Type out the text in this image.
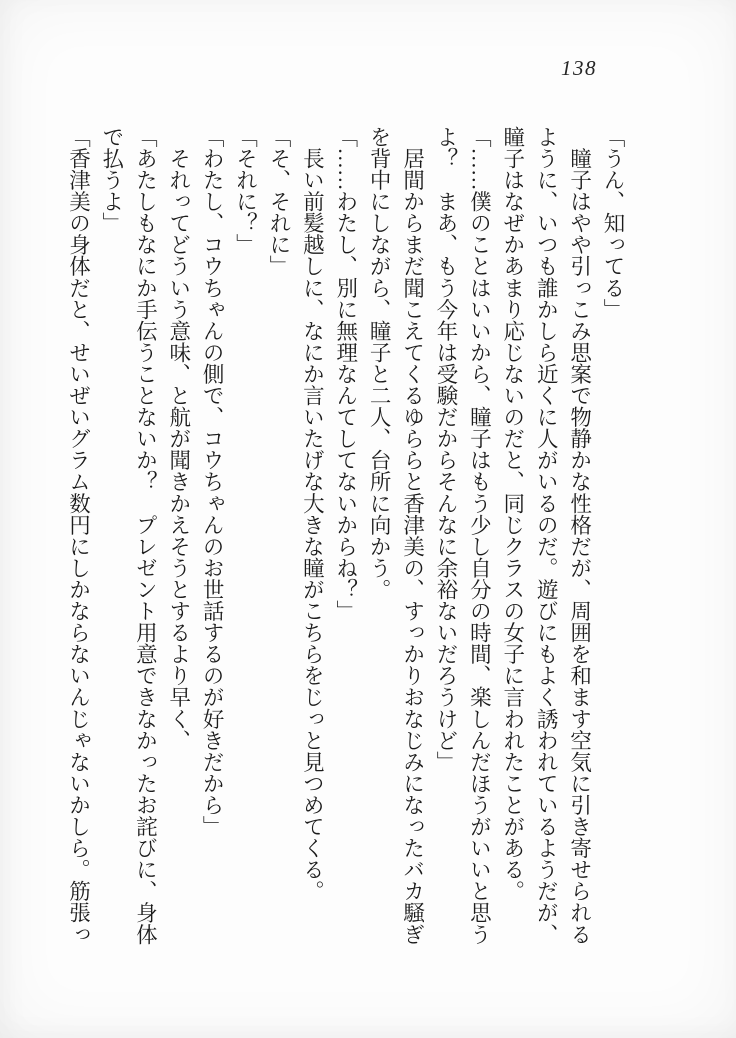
138

「うん、知ってる」

　瞳子はやや引っこみ思案で物静かな性格だが、周囲を和ます空気に引き寄せられるように、いつも誰かしら近くに人がいるのだ。遊びにもよく誘われているようだが、瞳子はなぜかあまり応じないのだと、同じクラスの女子に言われたことがある。

「……僕のことはいいから、瞳子はもう少し自分の時間、楽しんだほうがいいと思うよ？　まあ、もう今年は受験だからそんなに余裕ないだろうけど」

　居間からまだ聞こえてくるゆららと香津美の、すっかりおなじみになったバカ騒ぎを背中にしながら、瞳子と二人、台所に向かう。

「……わたし、別に無理なんてしてないからね？」

　長い前髪越しに、なにか言いたげな大きな瞳がこちらをじっと見つめてくる。

「そ、それに」

「それに？」

「わたし、コウちゃんの側で、コウちゃんのお世話するのが好きだから」

　それってどういう意味、と航が聞きかえそうとするより早く、

「あたしもなにか手伝うことないか？　プレゼント用意できなかったお詫びに、身体で払うよ」

「香津美の身体だと、せいぜいグラム数円にしかならないんじゃないかしら。筋張っ
